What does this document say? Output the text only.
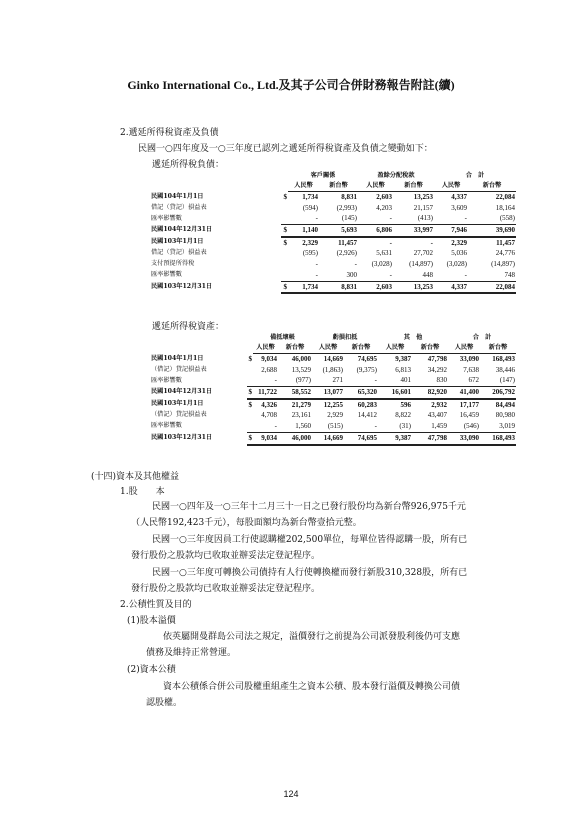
Ginko International Co., Ltd.及其子公司合併財務報告附註(續)
2.遞延所得稅資產及負債
民國一○四年度及一○三年度已認列之遞延所得稅資產及負債之變動如下：
遞延所得稅負債：
		客戶關係		盈餘分配稅款		合　計	
		人民幣	新台幣	人民幣	新台幣	人民幣	新台幣
民國104年1月1日	$	1,734	8,831	2,603	13,253	4,337	22,084
借記（貸記）損益表		(594)	(2,993)	4,203	21,157	3,609	18,164
匯率影響數		-	(145)	-	(413)	-	(558)
民國104年12月31日	$	1,140	5,693	6,806	33,997	7,946	39,690
民國103年1月1日	$	2,329	11,457	-	-	2,329	11,457
借記（貸記）損益表		(595)	(2,926)	5,631	27,702	5,036	24,776
支付預提所得稅		-	-	(3,028)	(14,897)	(3,028)	(14,897)
匯率影響數		-	300	-	448	-	748
民國103年12月31日	$	1,734	8,831	2,603	13,253	4,337	22,084
遞延所得稅資產：
		備抵壞帳		虧損扣抵		其　他		合　計	
		人民幣	新台幣	人民幣	新台幣	人民幣	新台幣	人民幣	新台幣
民國104年1月1日	$	9,034	46,000	14,669	74,695	9,387	47,798	33,090	168,493
（借記）貸記損益表		2,688	13,529	(1,863)	(9,375)	6,813	34,292	7,638	38,446
匯率影響數		-	(977)	271	-	401	830	672	(147)
民國104年12月31日	$	11,722	58,552	13,077	65,320	16,601	82,920	41,400	206,792
民國103年1月1日	$	4,326	21,279	12,255	60,283	596	2,932	17,177	84,494
（借記）貸記損益表		4,708	23,161	2,929	14,412	8,822	43,407	16,459	80,980
匯率影響數		-	1,560	(515)	-	(31)	1,459	(546)	3,019
民國103年12月31日	$	9,034	46,000	14,669	74,695	9,387	47,798	33,090	168,493
(十四)資本及其他權益
1.股　　本
民國一○四年及一○三年十二月三十一日之已發行股份均為新台幣926,975千元
（人民幣192,423千元），每股面額均為新台幣壹拾元整。
民國一○三年度因員工行使認購權202,500單位，每單位皆得認購一股，所有已
發行股份之股款均已收取並辦妥法定登記程序。
民國一○三年度可轉換公司債持有人行使轉換權而發行新股310,328股，所有已
發行股份之股款均已收取並辦妥法定登記程序。
2.公積性質及目的
(1)股本溢價
依英屬開曼群島公司法之規定，溢價發行之前提為公司派發股利後仍可支應
債務及維持正常營運。
(2)資本公積
資本公積係合併公司股權重組產生之資本公積、股本發行溢價及轉換公司債
認股權。
124
